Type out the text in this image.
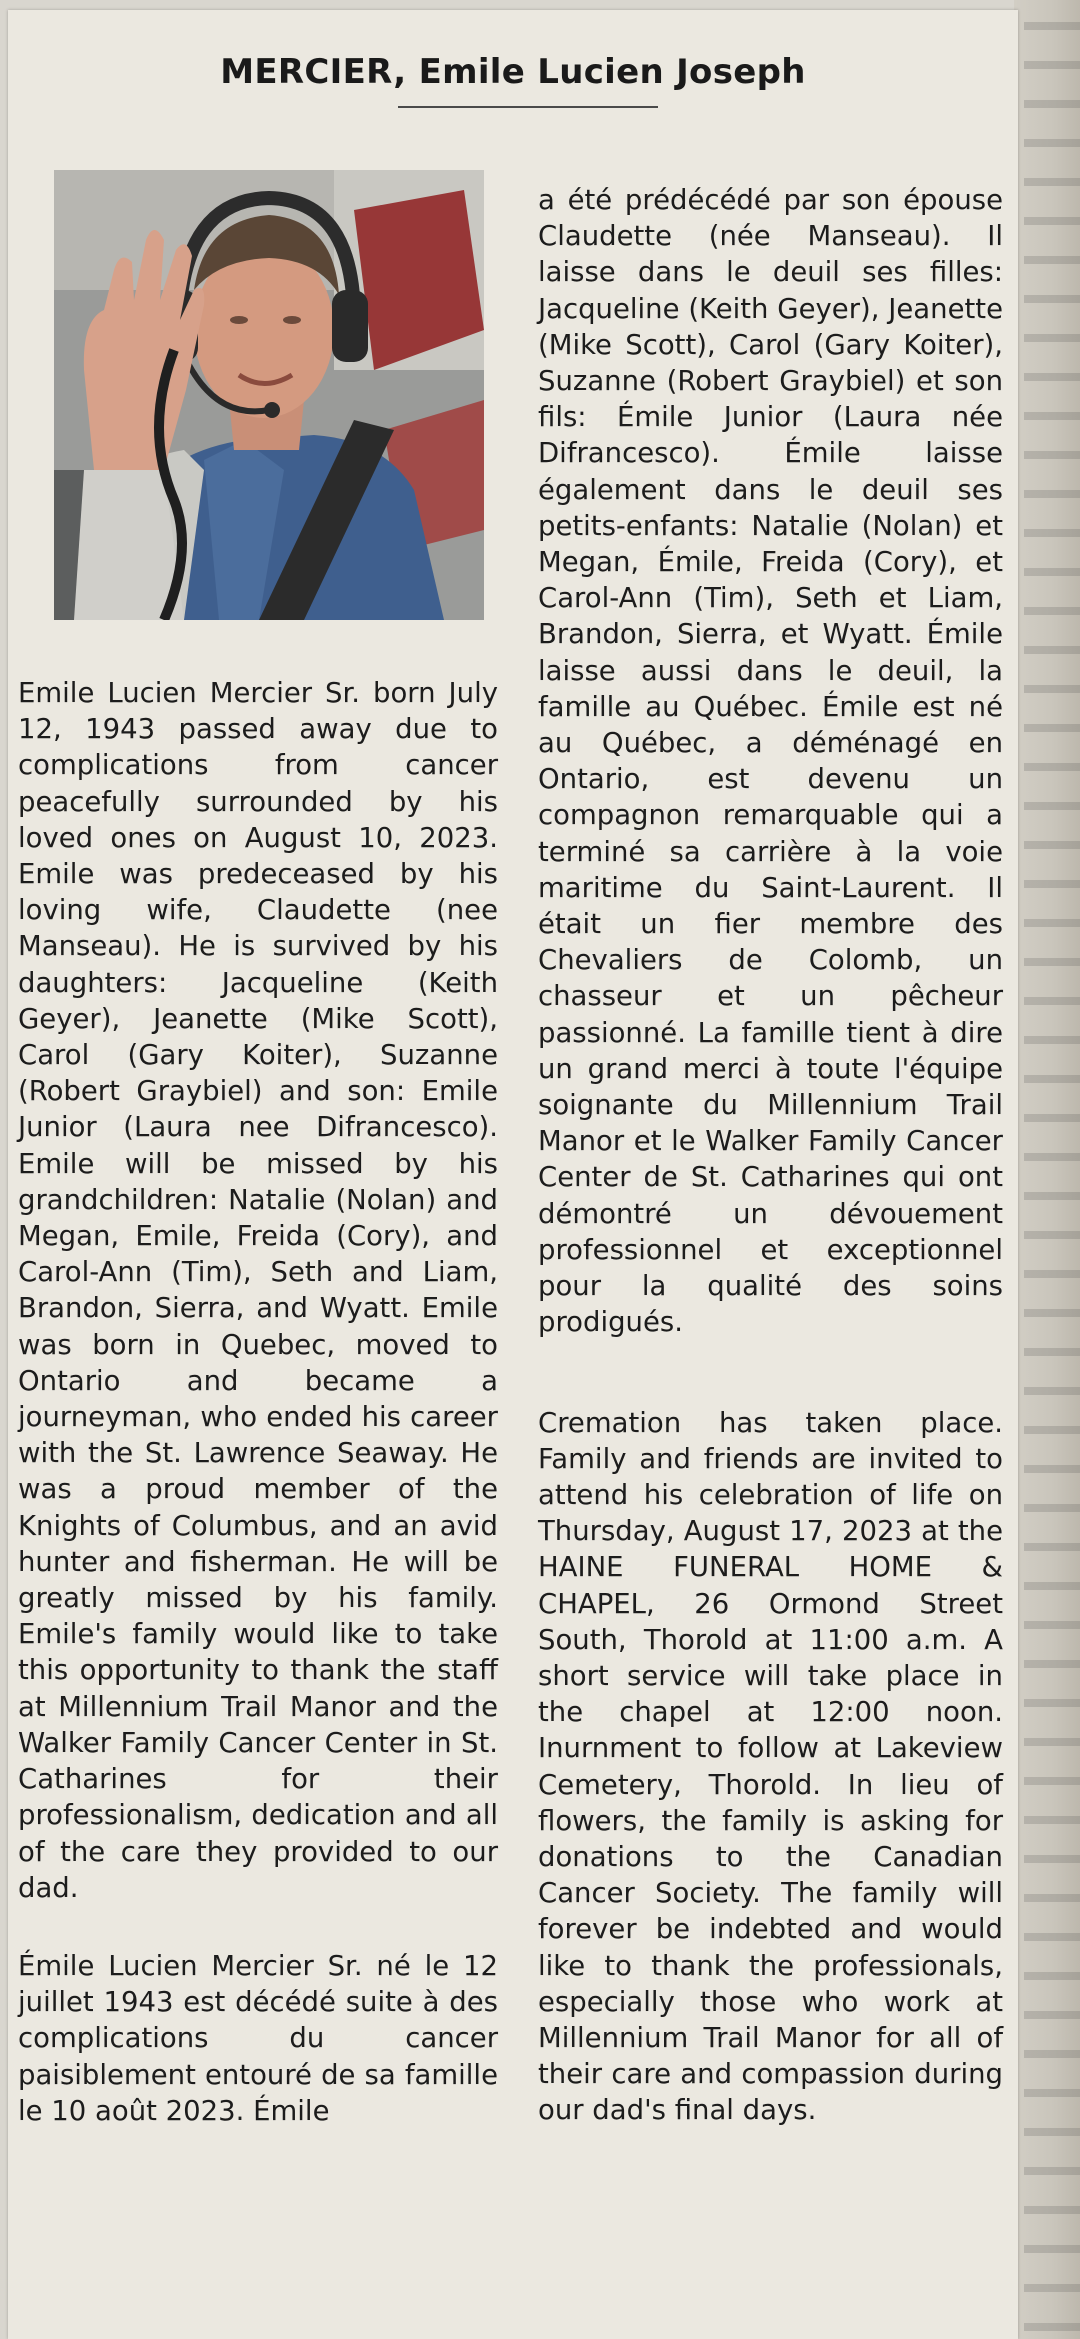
MERCIER, Emile Lucien Joseph

Emile Lucien Mercier Sr. born July 12, 1943 passed away due to complications from cancer peacefully surrounded by his loved ones on August 10, 2023. Emile was predeceased by his loving wife, Claudette (nee Manseau). He is survived by his daughters: Jacqueline (Keith Geyer), Jeanette (Mike Scott), Carol (Gary Koiter), Suzanne (Robert Graybiel) and son: Emile Junior (Laura nee Difrancesco). Emile will be missed by his grandchildren: Natalie (Nolan) and Megan, Emile, Freida (Cory), and Carol-Ann (Tim), Seth and Liam, Brandon, Sierra, and Wyatt. Emile was born in Quebec, moved to Ontario and became a journeyman, who ended his career with the St. Lawrence Seaway. He was a proud member of the Knights of Columbus, and an avid hunter and fisherman. He will be greatly missed by his family. Emile's family would like to take this opportunity to thank the staff at Millennium Trail Manor and the Walker Family Cancer Center in St. Catharines for their professionalism, dedication and all of the care they provided to our dad.

Émile Lucien Mercier Sr. né le 12 juillet 1943 est décédé suite à des complications du cancer paisiblement entouré de sa famille le 10 août 2023. Émile

a été prédécédé par son épouse Claudette (née Manseau). Il laisse dans le deuil ses filles: Jacqueline (Keith Geyer), Jeanette (Mike Scott), Carol (Gary Koiter), Suzanne (Robert Graybiel) et son fils: Émile Junior (Laura née Difrancesco). Émile laisse également dans le deuil ses petits-enfants: Natalie (Nolan) et Megan, Émile, Freida (Cory), et Carol-Ann (Tim), Seth et Liam, Brandon, Sierra, et Wyatt. Émile laisse aussi dans le deuil, la famille au Québec. Émile est né au Québec, a déménagé en Ontario, est devenu un compagnon remarquable qui a terminé sa carrière à la voie maritime du Saint-Laurent. Il était un fier membre des Chevaliers de Colomb, un chasseur et un pêcheur passionné. La famille tient à dire un grand merci à toute l'équipe soignante du Millennium Trail Manor et le Walker Family Cancer Center de St. Catharines qui ont démontré un dévouement professionnel et exceptionnel pour la qualité des soins prodigués.

Cremation has taken place. Family and friends are invited to attend his celebration of life on Thursday, August 17, 2023 at the HAINE FUNERAL HOME & CHAPEL, 26 Ormond Street South, Thorold at 11:00 a.m. A short service will take place in the chapel at 12:00 noon. Inurnment to follow at Lakeview Cemetery, Thorold. In lieu of flowers, the family is asking for donations to the Canadian Cancer Society. The family will forever be indebted and would like to thank the professionals, especially those who work at Millennium Trail Manor for all of their care and compassion during our dad's final days.
